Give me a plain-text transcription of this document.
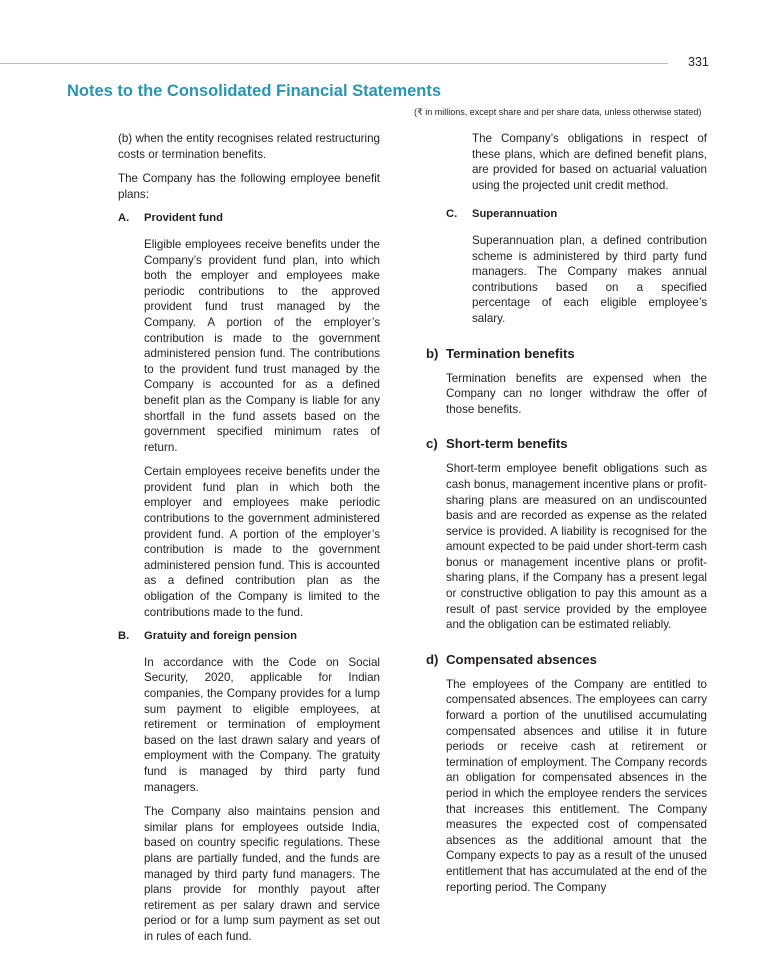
331
Notes to the Consolidated Financial Statements
(₹ in millions, except share and per share data, unless otherwise stated)

(b) when the entity recognises related restructuring costs or termination benefits.

The Company has the following employee benefit plans:

A.	Provident fund

Eligible employees receive benefits under the Company’s provident fund plan, into which both the employer and employees make periodic contributions to the approved provident fund trust managed by the Company. A portion of the employer’s contribution is made to the government administered pension fund. The contributions to the provident fund trust managed by the Company is accounted for as a defined benefit plan as the Company is liable for any shortfall in the fund assets based on the government specified minimum rates of return.

Certain employees receive benefits under the provident fund plan in which both the employer and employees make periodic contributions to the government administered provident fund. A portion of the employer’s contribution is made to the government administered pension fund. This is accounted as a defined contribution plan as the obligation of the Company is limited to the contributions made to the fund.

B.	Gratuity and foreign pension

In accordance with the Code on Social Security, 2020, applicable for Indian companies, the Company provides for a lump sum payment to eligible employees, at retirement or termination of employment based on the last drawn salary and years of employment with the Company. The gratuity fund is managed by third party fund managers.

The Company also maintains pension and similar plans for employees outside India, based on country specific regulations. These plans are partially funded, and the funds are managed by third party fund managers. The plans provide for monthly payout after retirement as per salary drawn and service period or for a lump sum payment as set out in rules of each fund.

The Company’s obligations in respect of these plans, which are defined benefit plans, are provided for based on actuarial valuation using the projected unit credit method.

C.	Superannuation

Superannuation plan, a defined contribution scheme is administered by third party fund managers. The Company makes annual contributions based on a specified percentage of each eligible employee’s salary.

b) Termination benefits

Termination benefits are expensed when the Company can no longer withdraw the offer of those benefits.

c) Short-term benefits

Short-term employee benefit obligations such as cash bonus, management incentive plans or profit-sharing plans are measured on an undiscounted basis and are recorded as expense as the related service is provided. A liability is recognised for the amount expected to be paid under short-term cash bonus or management incentive plans or profit-sharing plans, if the Company has a present legal or constructive obligation to pay this amount as a result of past service provided by the employee and the obligation can be estimated reliably.

d) Compensated absences

The employees of the Company are entitled to compensated absences. The employees can carry forward a portion of the unutilised accumulating compensated absences and utilise it in future periods or receive cash at retirement or termination of employment. The Company records an obligation for compensated absences in the period in which the employee renders the services that increases this entitlement. The Company measures the expected cost of compensated absences as the additional amount that the Company expects to pay as a result of the unused entitlement that has accumulated at the end of the reporting period. The Company
